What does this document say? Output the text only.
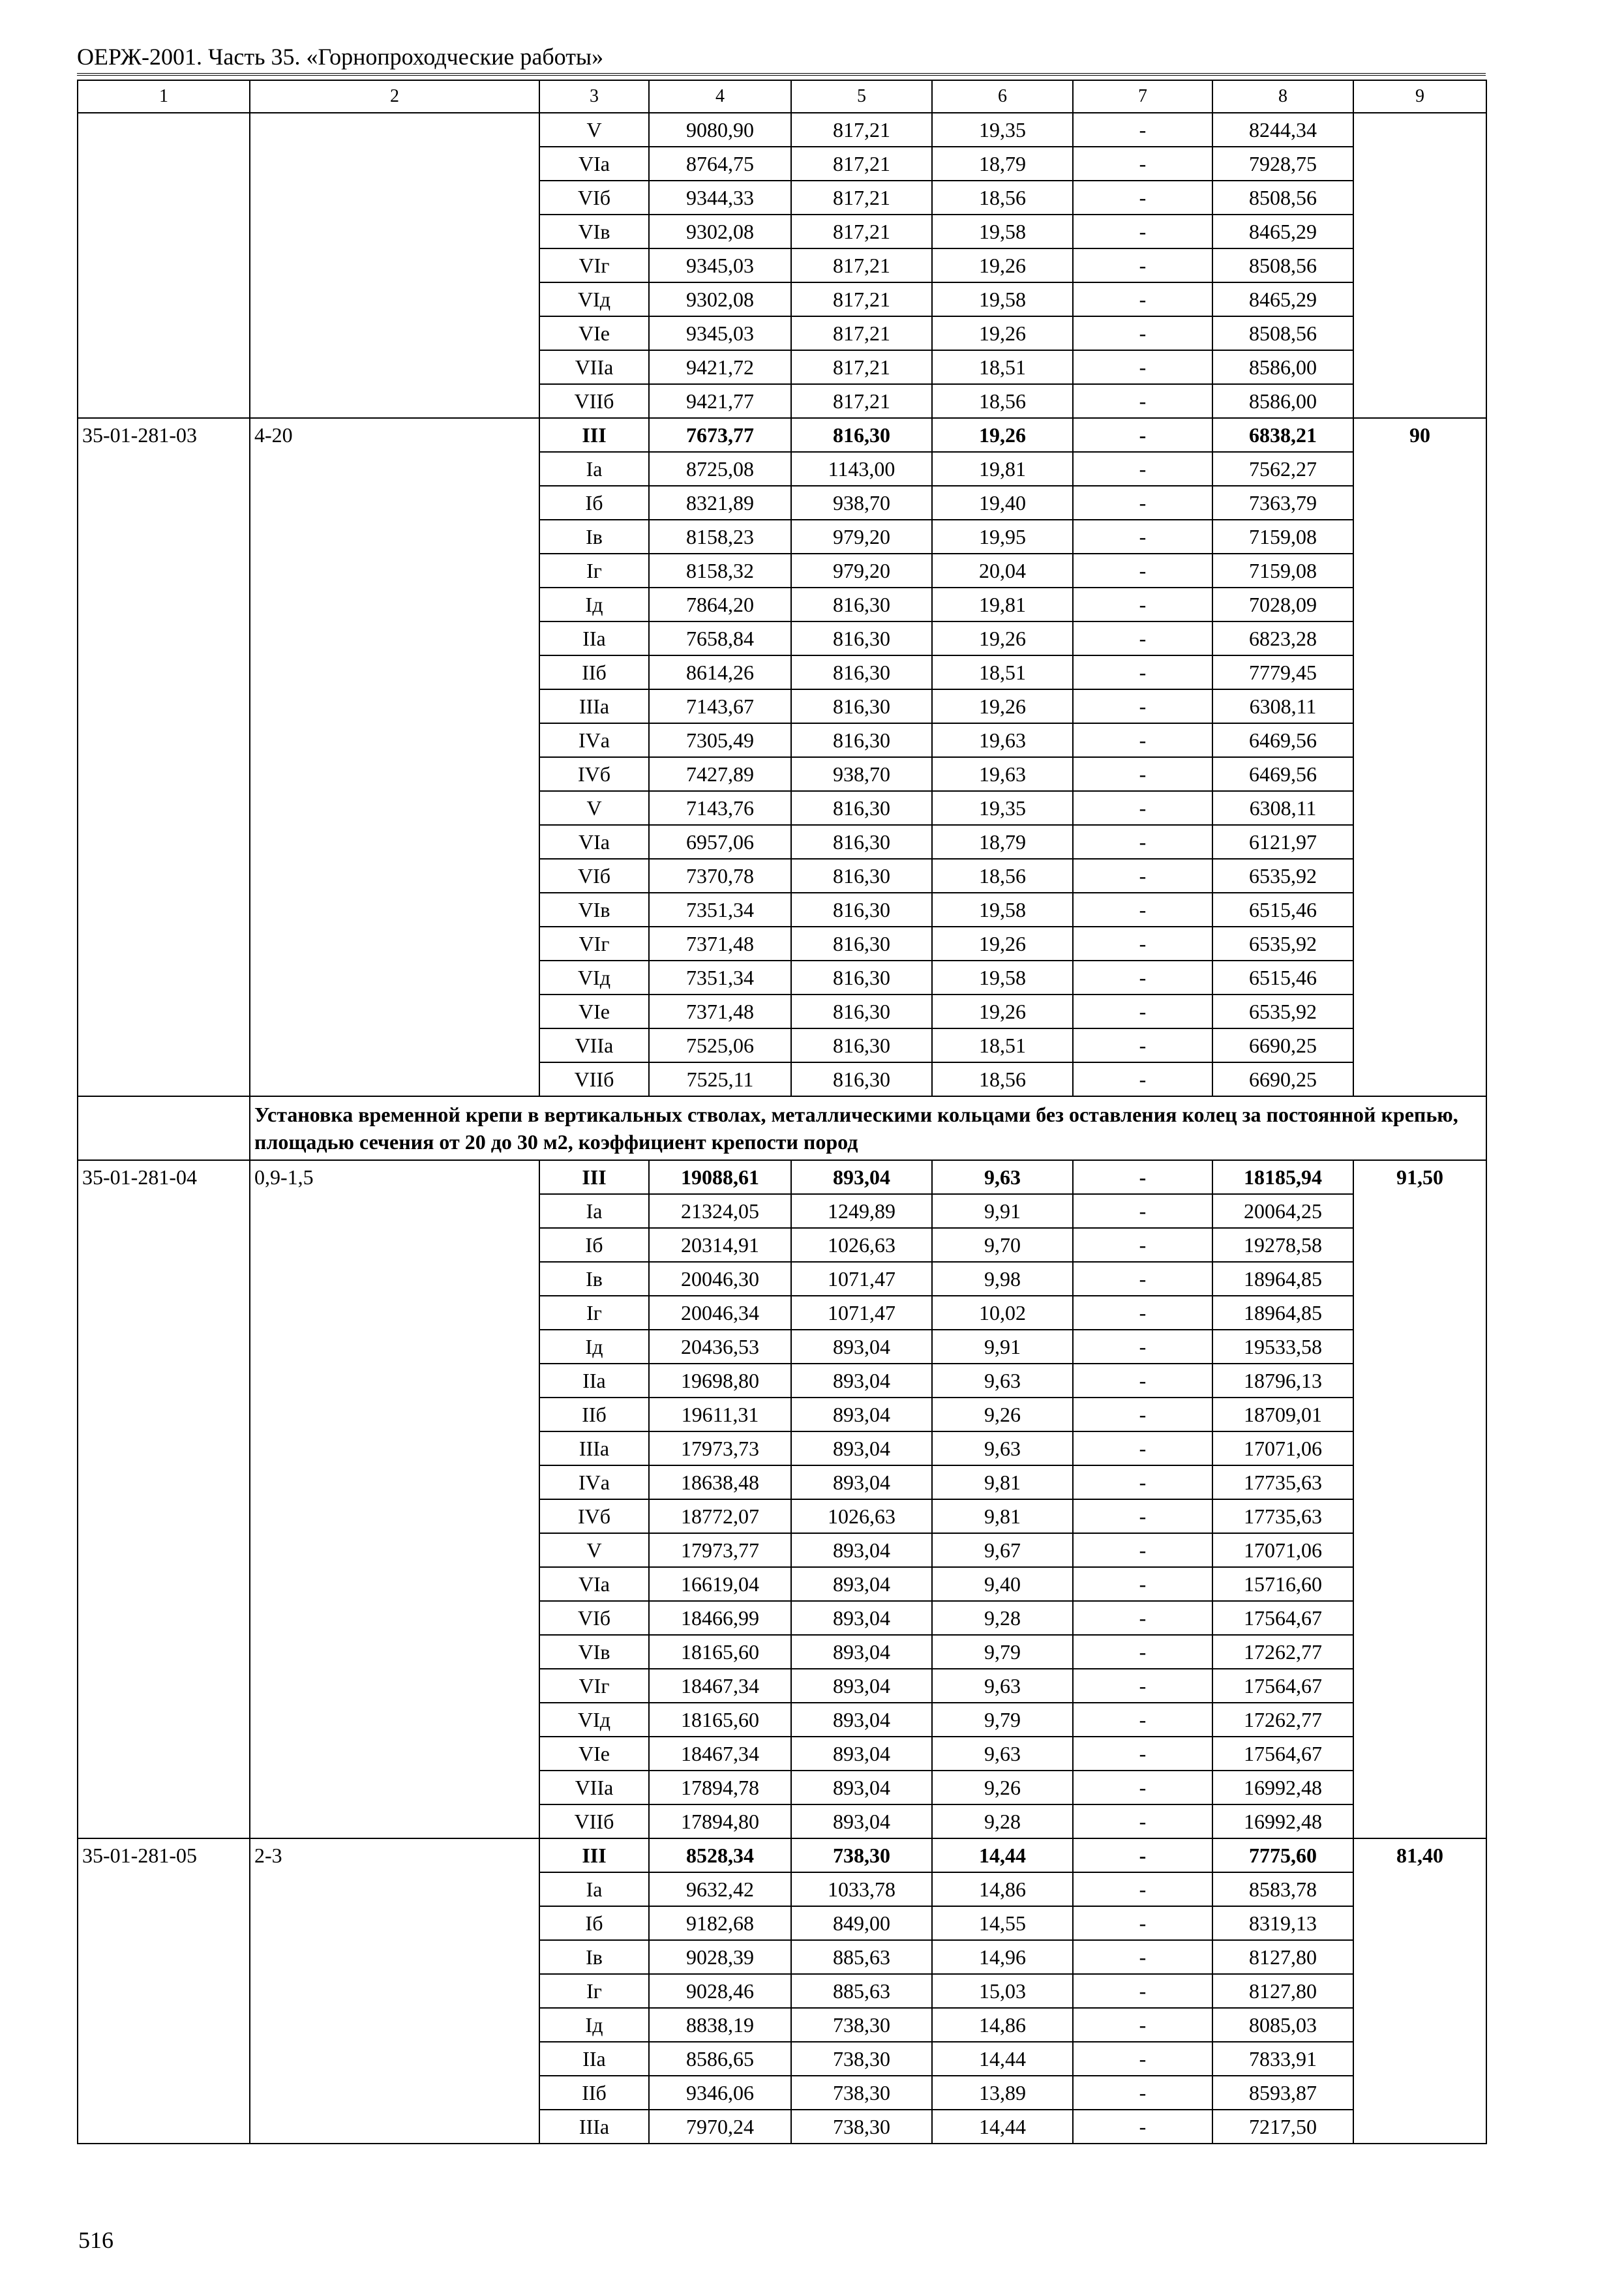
ОЕРЖ-2001. Часть 35. «Горнопроходческие работы»
1	2	3	4	5	6	7	8	9
		V	9080,90	817,21	19,35	-	8244,34	
		VIа	8764,75	817,21	18,79	-	7928,75	
		VIб	9344,33	817,21	18,56	-	8508,56	
		VIв	9302,08	817,21	19,58	-	8465,29	
		VIг	9345,03	817,21	19,26	-	8508,56	
		VIд	9302,08	817,21	19,58	-	8465,29	
		VIе	9345,03	817,21	19,26	-	8508,56	
		VIIа	9421,72	817,21	18,51	-	8586,00	
		VIIб	9421,77	817,21	18,56	-	8586,00	
35-01-281-03	4-20	III	7673,77	816,30	19,26	-	6838,21	90
		Iа	8725,08	1143,00	19,81	-	7562,27	
		Iб	8321,89	938,70	19,40	-	7363,79	
		Iв	8158,23	979,20	19,95	-	7159,08	
		Iг	8158,32	979,20	20,04	-	7159,08	
		Iд	7864,20	816,30	19,81	-	7028,09	
		IIа	7658,84	816,30	19,26	-	6823,28	
		IIб	8614,26	816,30	18,51	-	7779,45	
		IIIа	7143,67	816,30	19,26	-	6308,11	
		IVа	7305,49	816,30	19,63	-	6469,56	
		IVб	7427,89	938,70	19,63	-	6469,56	
		V	7143,76	816,30	19,35	-	6308,11	
		VIа	6957,06	816,30	18,79	-	6121,97	
		VIб	7370,78	816,30	18,56	-	6535,92	
		VIв	7351,34	816,30	19,58	-	6515,46	
		VIг	7371,48	816,30	19,26	-	6535,92	
		VIд	7351,34	816,30	19,58	-	6515,46	
		VIе	7371,48	816,30	19,26	-	6535,92	
		VIIа	7525,06	816,30	18,51	-	6690,25	
		VIIб	7525,11	816,30	18,56	-	6690,25	
	Установка временной крепи в вертикальных стволах, металлическими кольцами без оставления колец за постоянной крепью, площадью сечения от 20 до 30 м2, коэффициент крепости пород							
35-01-281-04	0,9-1,5	III	19088,61	893,04	9,63	-	18185,94	91,50
		Iа	21324,05	1249,89	9,91	-	20064,25	
		Iб	20314,91	1026,63	9,70	-	19278,58	
		Iв	20046,30	1071,47	9,98	-	18964,85	
		Iг	20046,34	1071,47	10,02	-	18964,85	
		Iд	20436,53	893,04	9,91	-	19533,58	
		IIа	19698,80	893,04	9,63	-	18796,13	
		IIб	19611,31	893,04	9,26	-	18709,01	
		IIIа	17973,73	893,04	9,63	-	17071,06	
		IVа	18638,48	893,04	9,81	-	17735,63	
		IVб	18772,07	1026,63	9,81	-	17735,63	
		V	17973,77	893,04	9,67	-	17071,06	
		VIа	16619,04	893,04	9,40	-	15716,60	
		VIб	18466,99	893,04	9,28	-	17564,67	
		VIв	18165,60	893,04	9,79	-	17262,77	
		VIг	18467,34	893,04	9,63	-	17564,67	
		VIд	18165,60	893,04	9,79	-	17262,77	
		VIе	18467,34	893,04	9,63	-	17564,67	
		VIIа	17894,78	893,04	9,26	-	16992,48	
		VIIб	17894,80	893,04	9,28	-	16992,48	
35-01-281-05	2-3	III	8528,34	738,30	14,44	-	7775,60	81,40
		Iа	9632,42	1033,78	14,86	-	8583,78	
		Iб	9182,68	849,00	14,55	-	8319,13	
		Iв	9028,39	885,63	14,96	-	8127,80	
		Iг	9028,46	885,63	15,03	-	8127,80	
		Iд	8838,19	738,30	14,86	-	8085,03	
		IIа	8586,65	738,30	14,44	-	7833,91	
		IIб	9346,06	738,30	13,89	-	8593,87	
		IIIа	7970,24	738,30	14,44	-	7217,50	
516
